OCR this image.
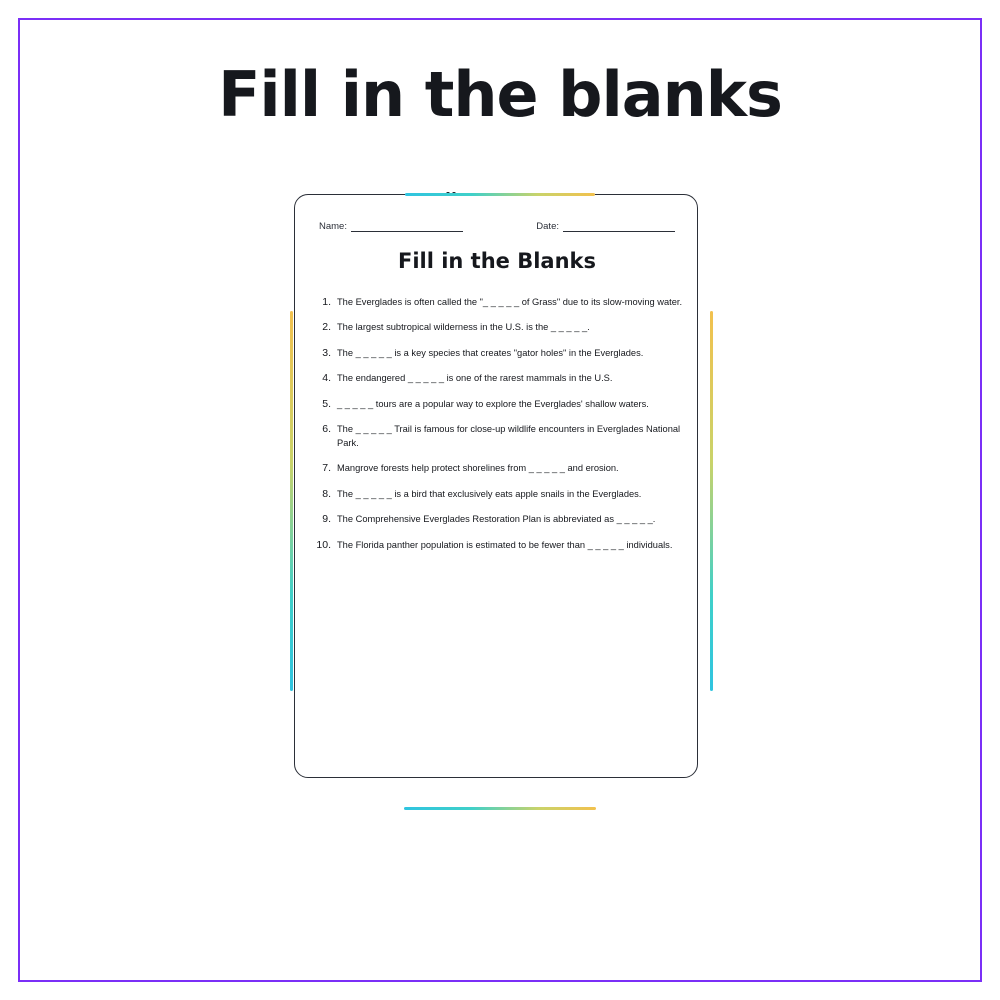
Fill in the blanks
Name:	Date:
Fill in the Blanks
1. The Everglades is often called the "_ _ _ _ _ of Grass" due to its slow-moving water.
2. The largest subtropical wilderness in the U.S. is the _ _ _ _ _.
3. The _ _ _ _ _ is a key species that creates "gator holes" in the Everglades.
4. The endangered _ _ _ _ _ is one of the rarest mammals in the U.S.
5. _ _ _ _ _ tours are a popular way to explore the Everglades' shallow waters.
6. The _ _ _ _ _ Trail is famous for close-up wildlife encounters in Everglades National Park.
7. Mangrove forests help protect shorelines from _ _ _ _ _ and erosion.
8. The _ _ _ _ _ is a bird that exclusively eats apple snails in the Everglades.
9. The Comprehensive Everglades Restoration Plan is abbreviated as _ _ _ _ _.
10. The Florida panther population is estimated to be fewer than _ _ _ _ _ individuals.
